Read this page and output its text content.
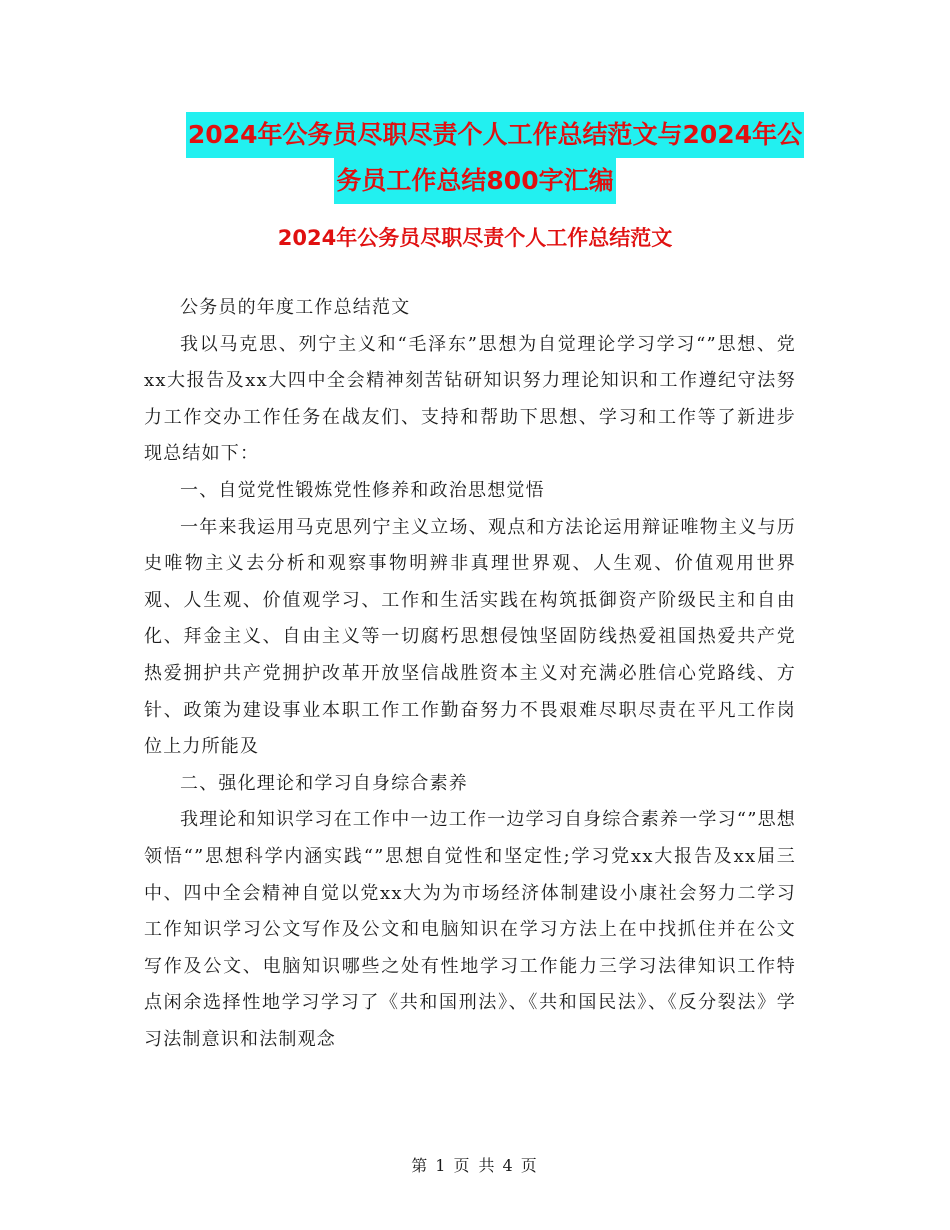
2024年公务员尽职尽责个人工作总结范文与2024年公
务员工作总结800字汇编
2024年公务员尽职尽责个人工作总结范文

公务员的年度工作总结范文

我以马克思、列宁主义和“毛泽东”思想为自觉理论学习学习“”思想、党xx大报告及xx大四中全会精神刻苦钻研知识努力理论知识和工作遵纪守法努力工作交办工作任务在战友们、支持和帮助下思想、学习和工作等了新进步现总结如下：

一、自觉党性锻炼党性修养和政治思想觉悟

一年来我运用马克思列宁主义立场、观点和方法论运用辩证唯物主义与历史唯物主义去分析和观察事物明辨非真理世界观、人生观、价值观用世界观、人生观、价值观学习、工作和生活实践在构筑抵御资产阶级民主和自由化、拜金主义、自由主义等一切腐朽思想侵蚀坚固防线热爱祖国热爱共产党热爱拥护共产党拥护改革开放坚信战胜资本主义对充满必胜信心党路线、方针、政策为建设事业本职工作工作勤奋努力不畏艰难尽职尽责在平凡工作岗位上力所能及

二、强化理论和学习自身综合素养

我理论和知识学习在工作中一边工作一边学习自身综合素养一学习“”思想领悟“”思想科学内涵实践“”思想自觉性和坚定性;学习党xx大报告及xx届三中、四中全会精神自觉以党xx大为为市场经济体制建设小康社会努力二学习工作知识学习公文写作及公文和电脑知识在学习方法上在中找抓住并在公文写作及公文、电脑知识哪些之处有性地学习工作能力三学习法律知识工作特点闲余选择性地学习学习了《共和国刑法》、《共和国民法》、《反分裂法》学习法制意识和法制观念

第 1 页 共 4 页
